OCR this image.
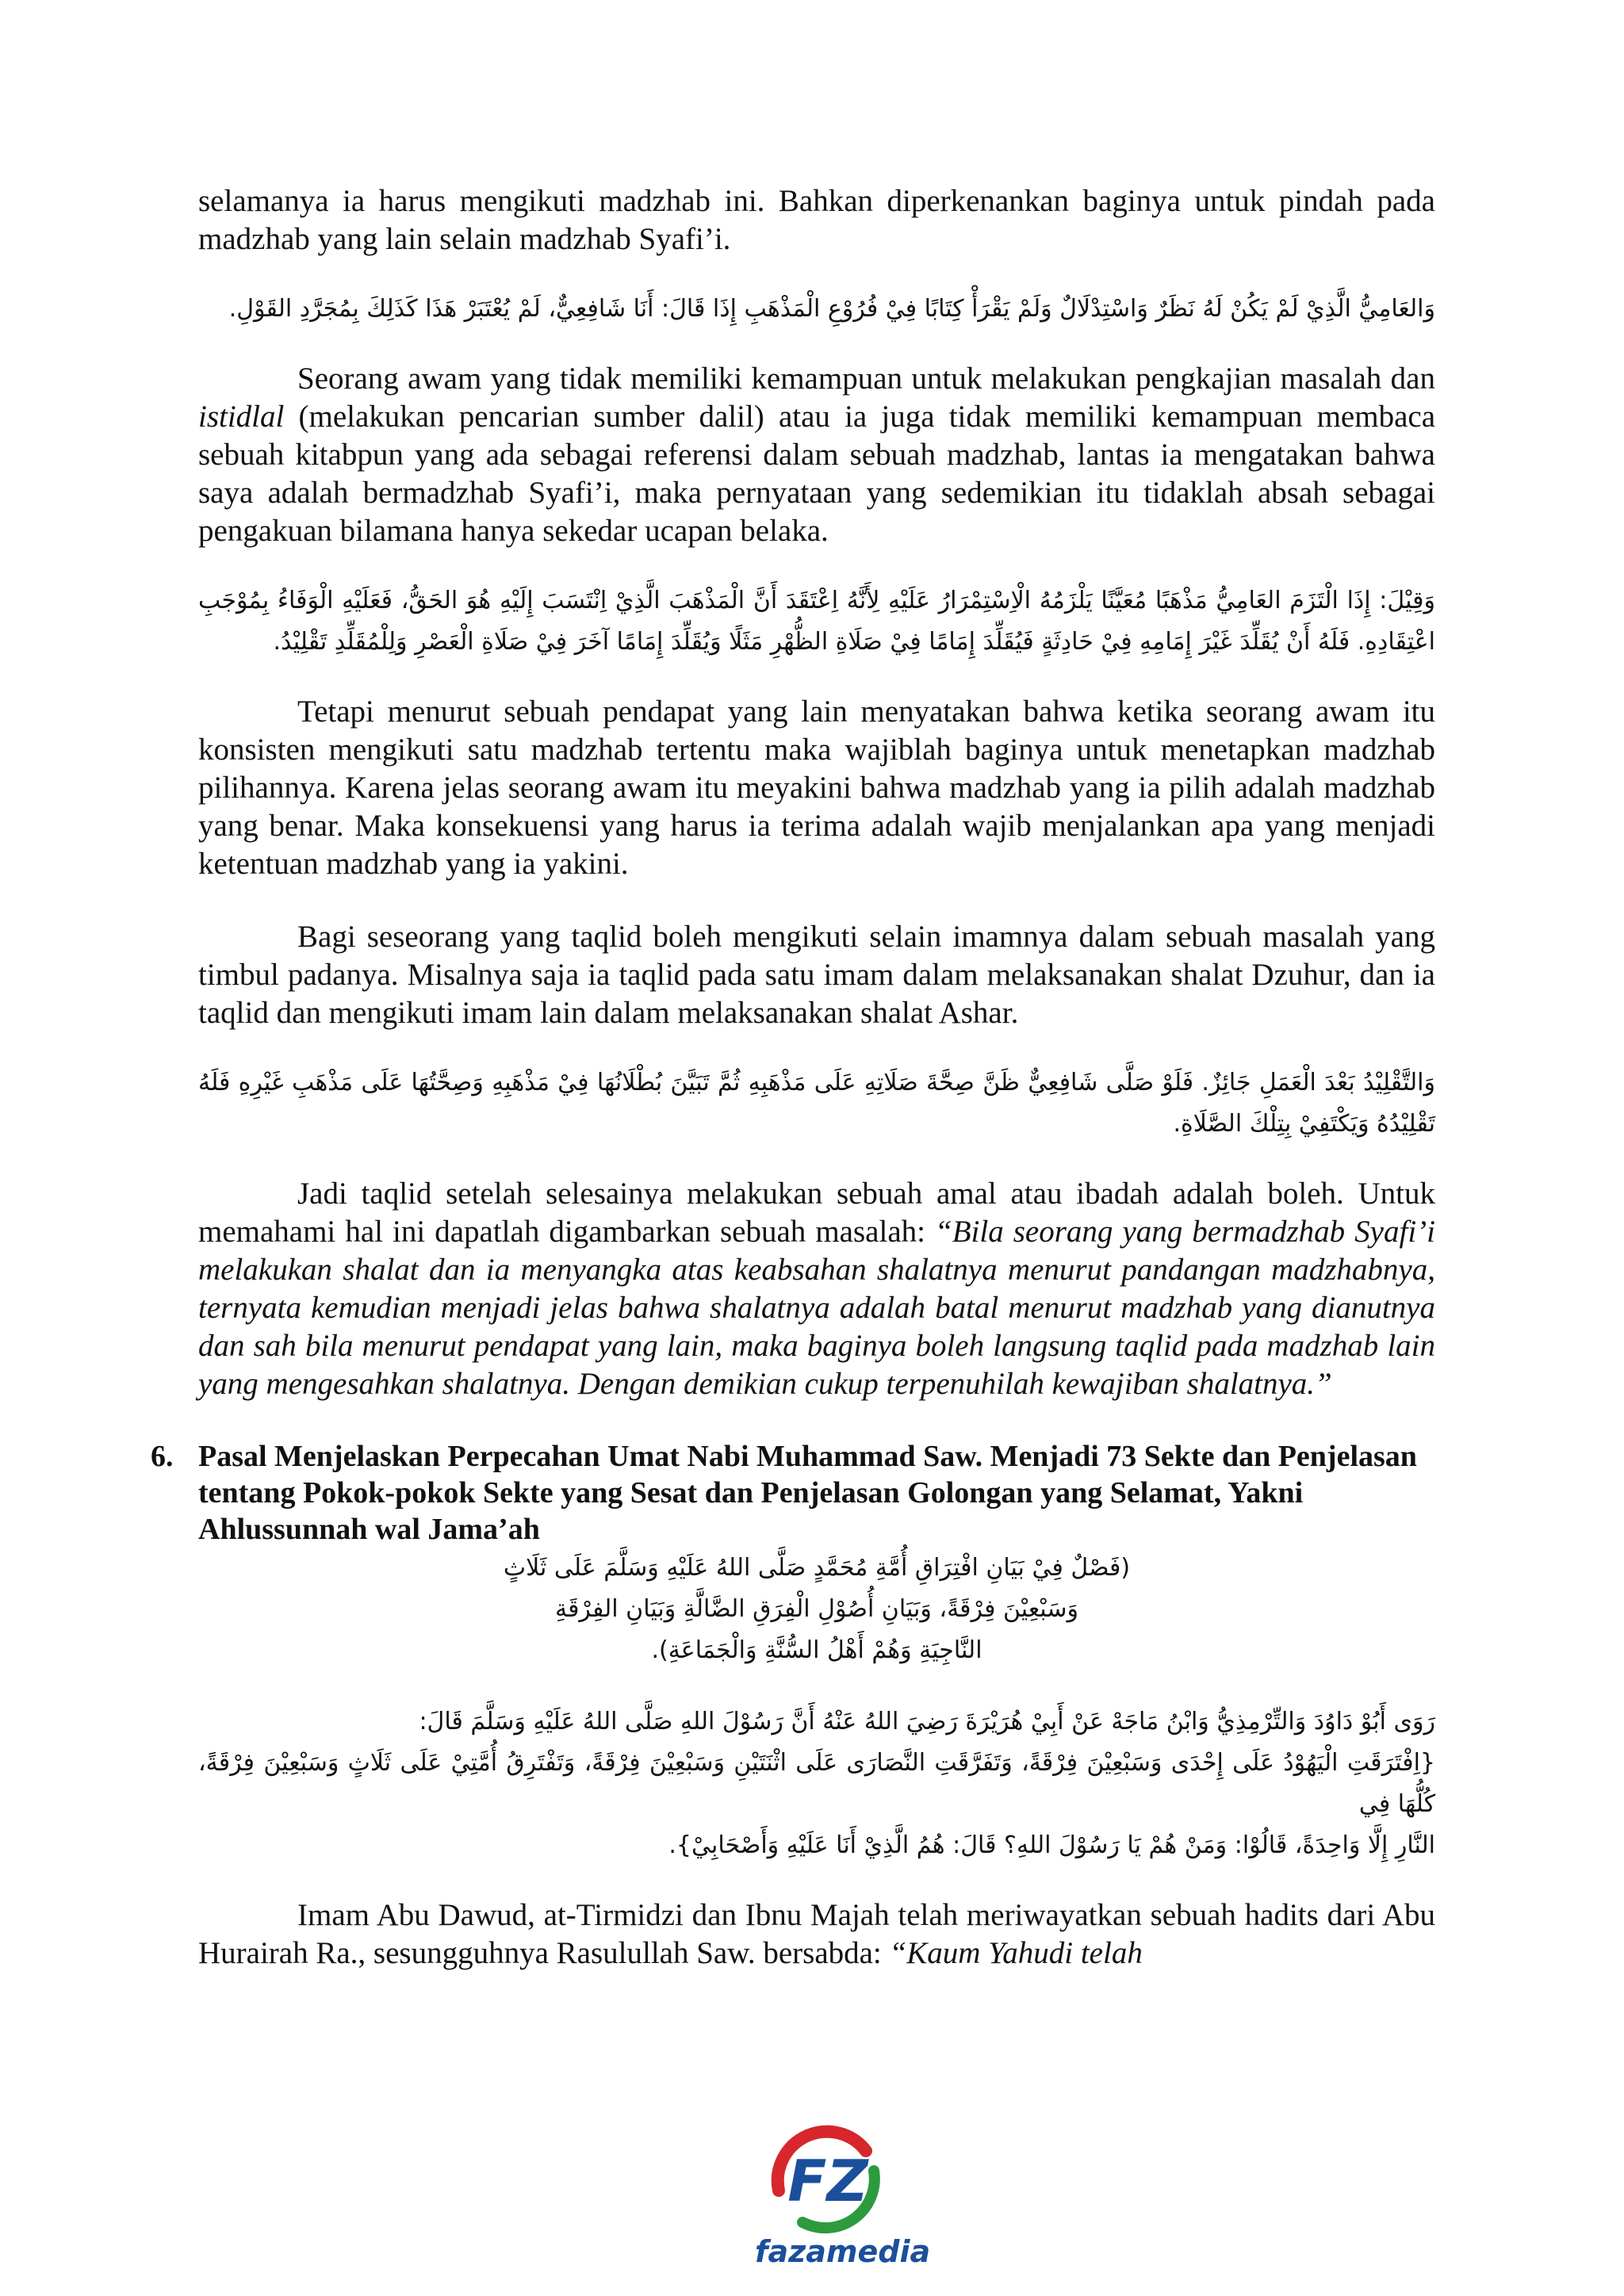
selamanya ia harus mengikuti madzhab ini. Bahkan diperkenankan baginya untuk pindah pada madzhab yang lain selain madzhab Syafi’i.

وَالعَامِيُّ الَّذِيْ لَمْ يَكُنْ لَهُ نَظَرٌ وَاسْتِدْلَالٌ وَلَمْ يَقْرَأْ كِتَابًا فِيْ فُرُوْعِ الْمَذْهَبِ إِذَا قَالَ: أَنَا شَافِعِيٌّ، لَمْ يُعْتَبَرْ هَذَا كَذَلِكَ بِمُجَرَّدِ القَوْلِ.

Seorang awam yang tidak memiliki kemampuan untuk melakukan pengkajian masalah dan istidlal (melakukan pencarian sumber dalil) atau ia juga tidak memiliki kemampuan membaca sebuah kitabpun yang ada sebagai referensi dalam sebuah madzhab, lantas ia mengatakan bahwa saya adalah bermadzhab Syafi’i, maka pernyataan yang sedemikian itu tidaklah absah sebagai pengakuan bilamana hanya sekedar ucapan belaka.

وَقِيْلَ: إِذَا الْتَزَمَ العَامِيُّ مَذْهَبًا مُعَيَّنًا يَلْزَمُهُ الْاِسْتِمْرَارُ عَلَيْهِ لِأَنَّهُ اِعْتَقَدَ أَنَّ الْمَذْهَبَ الَّذِيْ اِنْتَسَبَ إِلَيْهِ هُوَ الحَقُّ، فَعَلَيْهِ الْوَفَاءُ بِمُوْجَبِ اعْتِقَادِهِ. فَلَهُ أَنْ يُقَلِّدَ غَيْرَ إِمَامِهِ فِيْ حَادِثَةٍ فَيُقَلِّدَ إِمَامًا فِيْ صَلَاةِ الظُّهْرِ مَثَلًا وَيُقَلِّدَ إِمَامًا آخَرَ فِيْ صَلَاةِ الْعَصْرِ وَلِلْمُقَلِّدِ تَقْلِيْدُ.

Tetapi menurut sebuah pendapat yang lain menyatakan bahwa ketika seorang awam itu konsisten mengikuti satu madzhab tertentu maka wajiblah baginya untuk menetapkan madzhab pilihannya. Karena jelas seorang awam itu meyakini bahwa madzhab yang ia pilih adalah madzhab yang benar. Maka konsekuensi yang harus ia terima adalah wajib menjalankan apa yang menjadi ketentuan madzhab yang ia yakini.

Bagi seseorang yang taqlid boleh mengikuti selain imamnya dalam sebuah masalah yang timbul padanya. Misalnya saja ia taqlid pada satu imam dalam melaksanakan shalat Dzuhur, dan ia taqlid dan mengikuti imam lain dalam melaksanakan shalat Ashar.

وَالتَّقْلِيْدُ بَعْدَ الْعَمَلِ جَائِزٌ. فَلَوْ صَلَّى شَافِعِيٌّ ظَنَّ صِحَّةَ صَلَاتِهِ عَلَى مَذْهَبِهِ ثُمَّ تَبَيَّنَ بُطْلَانُهَا فِيْ مَذْهَبِهِ وَصِحَّتُهَا عَلَى مَذْهَبِ غَيْرِهِ فَلَهُ تَقْلِيْدُهُ وَيَكْتَفِيْ بِتِلْكَ الصَّلَاةِ.

Jadi taqlid setelah selesainya melakukan sebuah amal atau ibadah adalah boleh. Untuk memahami hal ini dapatlah digambarkan sebuah masalah: “Bila seorang yang bermadzhab Syafi’i melakukan shalat dan ia menyangka atas keabsahan shalatnya menurut pandangan madzhabnya, ternyata kemudian menjadi jelas bahwa shalatnya adalah batal menurut madzhab yang dianutnya dan sah bila menurut pendapat yang lain, maka baginya boleh langsung taqlid pada madzhab lain yang mengesahkan shalatnya. Dengan demikian cukup terpenuhilah kewajiban shalatnya.”

6. Pasal Menjelaskan Perpecahan Umat Nabi Muhammad Saw. Menjadi 73 Sekte dan Penjelasan tentang Pokok-pokok Sekte yang Sesat dan Penjelasan Golongan yang Selamat, Yakni Ahlussunnah wal Jama’ah

(فَصْلٌ فِيْ بَيَانِ افْتِرَاقِ أُمَّةِ مُحَمَّدٍ صَلَّى اللهُ عَلَيْهِ وَسَلَّمَ عَلَى ثَلَاثٍ

وَسَبْعِيْنَ فِرْقَةً، وَبَيَانِ أُصُوْلِ الْفِرَقِ الضَّالَّةِ وَبَيَانِ الفِرْقَةِ

النَّاجِيَةِ وَهُمْ أَهْلُ السُّنَّةِ وَالْجَمَاعَةِ).

رَوَى أَبُوْ دَاوُدَ وَالتِّرْمِذِيُّ وَابْنُ مَاجَهْ عَنْ أَبِيْ هُرَيْرَةَ رَضِيَ اللهُ عَنْهُ أَنَّ رَسُوْلَ اللهِ صَلَّى اللهُ عَلَيْهِ وَسَلَّمَ قَالَ:

{اِفْتَرَقَتِ الْيَهُوْدُ عَلَى إِحْدَى وَسَبْعِيْنَ فِرْقَةً، وَتَفَرَّقَتِ النَّصَارَى عَلَى اثْنَتَيْنِ وَسَبْعِيْنَ فِرْقَةً، وَتَفْتَرِقُ أُمَّتِيْ عَلَى ثَلَاثٍ وَسَبْعِيْنَ فِرْقَةً، كُلُّهَا فِي

النَّارِ إِلَّا وَاحِدَةً، قَالُوْا: وَمَنْ هُمْ يَا رَسُوْلَ اللهِ؟ قَالَ: هُمُ الَّذِيْ أَنَا عَلَيْهِ وَأَصْحَابِيْ}.

Imam Abu Dawud, at-Tirmidzi dan Ibnu Majah telah meriwayatkan sebuah hadits dari Abu Hurairah Ra., sesungguhnya Rasulullah Saw. bersabda: “Kaum Yahudi telah

FZ
fazamedia
